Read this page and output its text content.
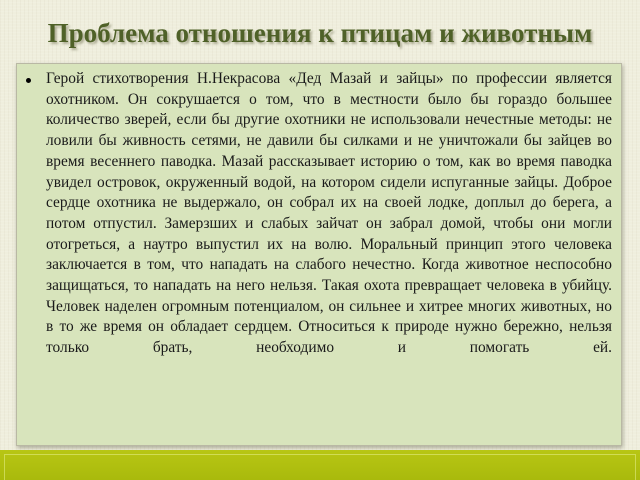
Проблема отношения к птицам и животным
Герой стихотворения Н.Некрасова «Дед Мазай и зайцы» по профессии является охотником. Он сокрушается о том, что в местности было бы гораздо большее количество зверей, если бы другие охотники не использовали нечестные методы: не ловили бы живность сетями, не давили бы силками и не уничтожали бы зайцев во время весеннего паводка. Мазай рассказывает историю о том, как во время паводка увидел островок, окруженный водой, на котором сидели испуганные зайцы. Доброе сердце охотника не выдержало, он собрал их на своей лодке, доплыл до берега, а потом отпустил. Замерзших и слабых зайчат он забрал домой, чтобы они могли отогреться, а наутро выпустил их на волю. Моральный принцип этого человека заключается в том, что нападать на слабого нечестно. Когда животное неспособно защищаться, то нападать на него нельзя. Такая охота превращает человека в убийцу. Человек наделен огромным потенциалом, он сильнее и хитрее многих животных, но в то же время он обладает сердцем. Относиться к природе нужно бережно, нельзя только брать, необходимо и помогать ей.
